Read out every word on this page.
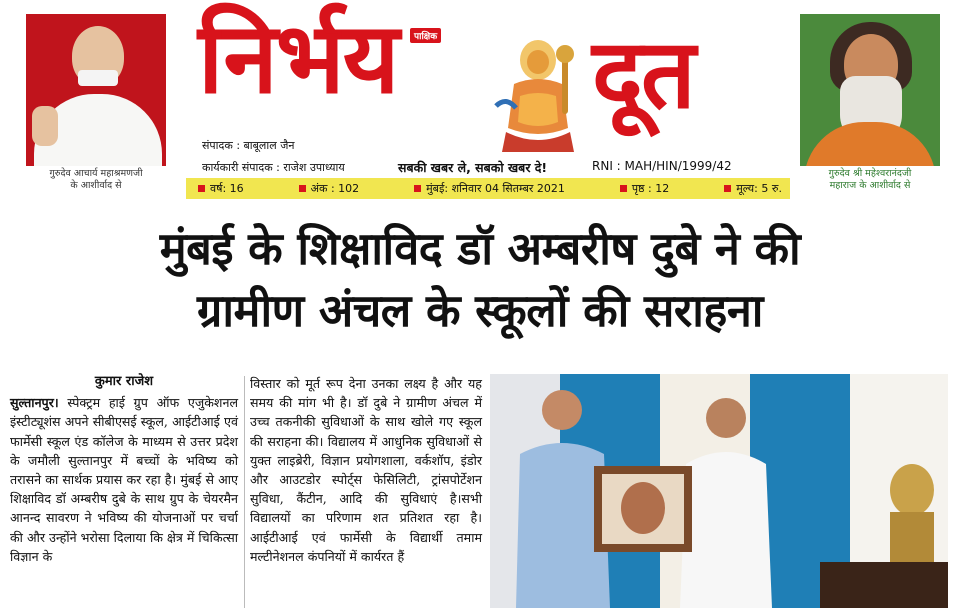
गुरुदेव आचार्य महाश्रमणजी
के आशीर्वाद से
निर्भय	पाक्षिक दूत
गुरुदेव श्री महेश्वरानंदजी
महाराज के आशीर्वाद से
संपादक : बाबूलाल जैन
कार्यकारी संपादक : राजेश उपाध्याय	सबकी खबर ले, सबको खबर दे!	RNI : MAH/HIN/1999/42
वर्ष: 16	अंक : 102	मुंबई: शनिवार 04 सितम्बर 2021	पृष्ठ : 12	मूल्य: 5 रु.
मुंबई के शिक्षाविद डॉ अम्बरीष दुबे ने की
ग्रामीण अंचल के स्कूलों की सराहना
कुमार राजेश
सुल्तानपुर। स्पेक्ट्रम हाई ग्रुप ऑफ एजुकेशनल इंस्टीट्यूशंस अपने सीबीएसई स्कूल, आईटीआई एवं फार्मेसी स्कूल एंड कॉलेज के माध्यम से उत्तर प्रदेश के जमौली सुल्तानपुर में बच्चों के भविष्य को तरासने का सार्थक प्रयास कर रहा है। मुंबई से आए शिक्षाविद डॉ अम्बरीष दुबे के साथ ग्रुप के चेयरमैन आनन्द सावरण ने भविष्य की योजनाओं पर चर्चा की और उन्होंने भरोसा दिलाया कि क्षेत्र में चिकित्सा विज्ञान के
विस्तार को मूर्त रूप देना उनका लक्ष्य है और यह समय की मांग भी है। डॉ दुबे ने ग्रामीण अंचल में उच्च तकनीकी सुविधाओं के साथ खोले गए स्कूल की सराहना की। विद्यालय में आधुनिक सुविधाओं से युक्त लाइब्रेरी, विज्ञान प्रयोगशाला, वर्कशॉप, इंडोर और आउटडोर स्पोर्ट्स फेसिलिटी, ट्रांसपोर्टेशन सुविधा, कैंटीन, आदि की सुविधाएं है।सभी विद्यालयों का परिणाम शत प्रतिशत रहा है। आईटीआई एवं फार्मेसी के विद्यार्थी तमाम मल्टीनेशनल कंपनियों में कार्यरत हैं
